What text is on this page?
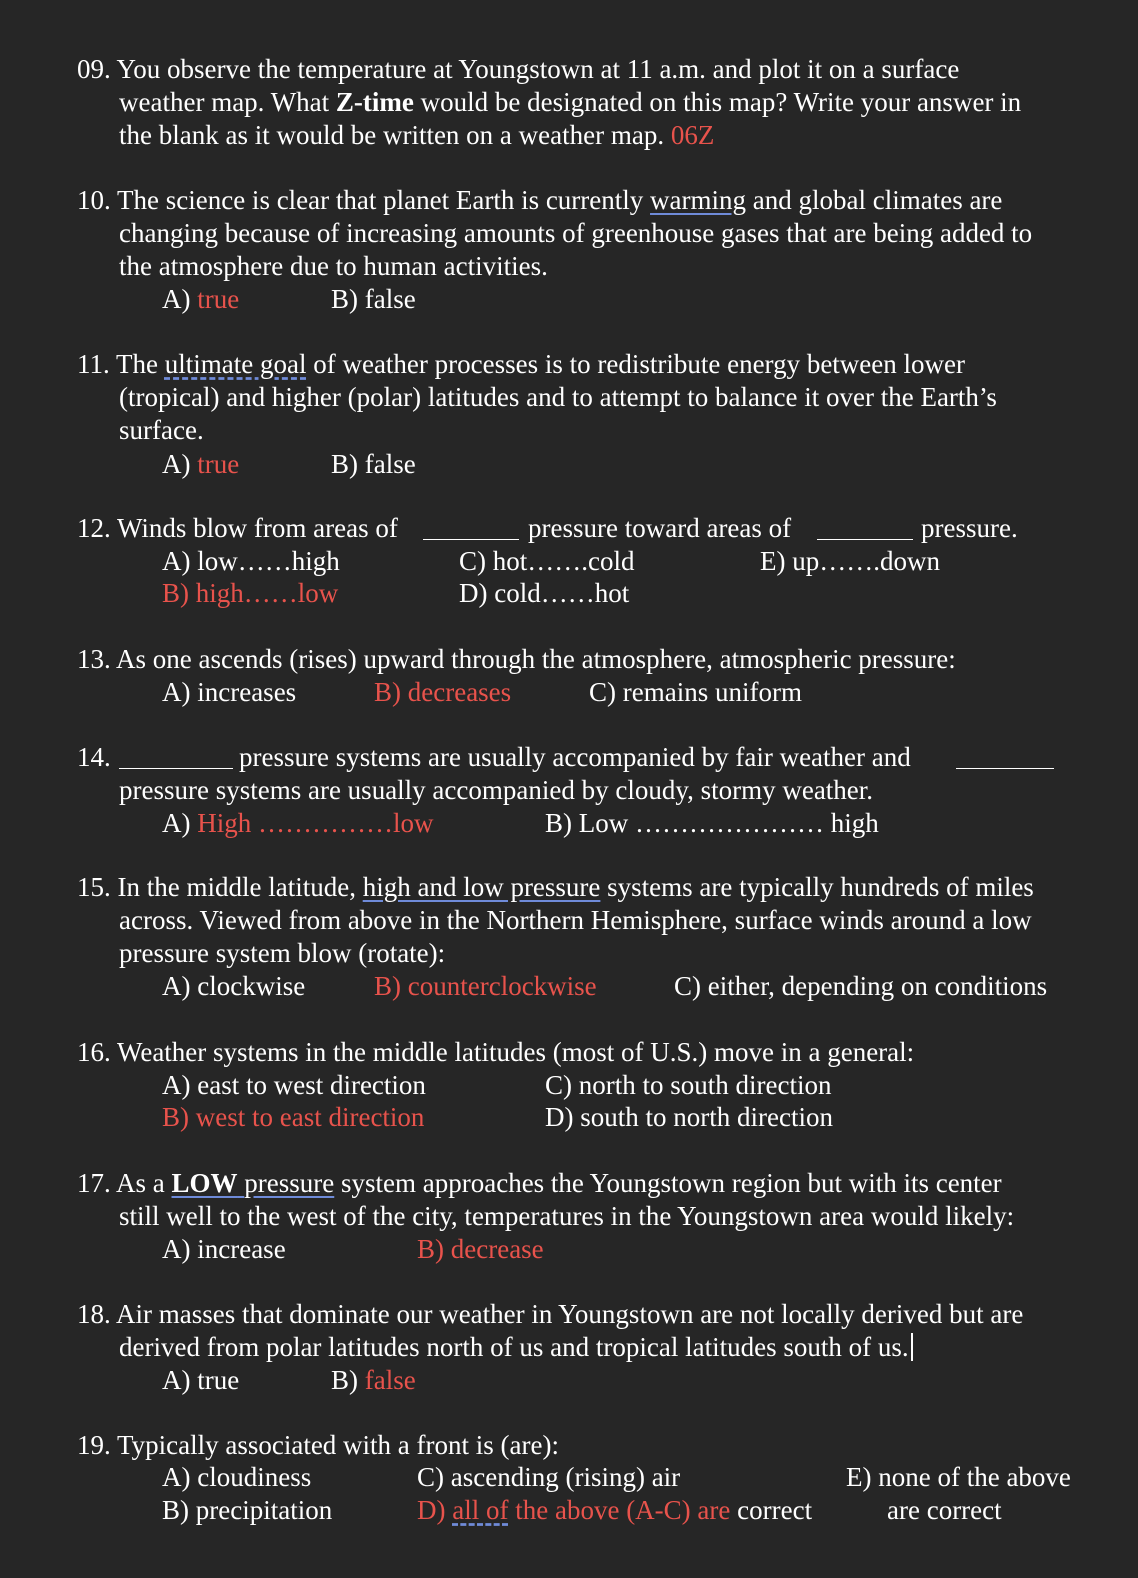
09. You observe the temperature at Youngstown at 11 a.m. and plot it on a surface
weather map. What Z-time would be designated on this map? Write your answer in
the blank as it would be written on a weather map. 06Z
10. The science is clear that planet Earth is currently warming and global climates are
changing because of increasing amounts of greenhouse gases that are being added to
the atmosphere due to human activities.
A) true	B) false
11. The ultimate goal of weather processes is to redistribute energy between lower
(tropical) and higher (polar) latitudes and to attempt to balance it over the Earth’s
surface.
A) true	B) false
12. Winds blow from areas of	pressure toward areas of	pressure.
A) low……high
B) high……low
C) hot…….cold
D) cold……hot
E) up…….down
13. As one ascends (rises) upward through the atmosphere, atmospheric pressure:
A) increases	B) decreases	C) remains uniform
14.	pressure systems are usually accompanied by fair weather and
pressure systems are usually accompanied by cloudy, stormy weather.
A) High ……………low	B) Low ………………… high
15. In the middle latitude, high and low pressure systems are typically hundreds of miles
across. Viewed from above in the Northern Hemisphere, surface winds around a low
pressure system blow (rotate):
A) clockwise	B) counterclockwise	C) either, depending on conditions
16. Weather systems in the middle latitudes (most of U.S.) move in a general:
A) east to west direction
B) west to east direction
C) north to south direction
D) south to north direction
17. As a LOW pressure system approaches the Youngstown region but with its center
still well to the west of the city, temperatures in the Youngstown area would likely:
A) increase	B) decrease
18. Air masses that dominate our weather in Youngstown are not locally derived but are
derived from polar latitudes north of us and tropical latitudes south of us.
A) true	B) false
19. Typically associated with a front is (are):
A) cloudiness
B) precipitation
C) ascending (rising) air
D) all of the above (A-C) are correct
E) none of the above
are correct
